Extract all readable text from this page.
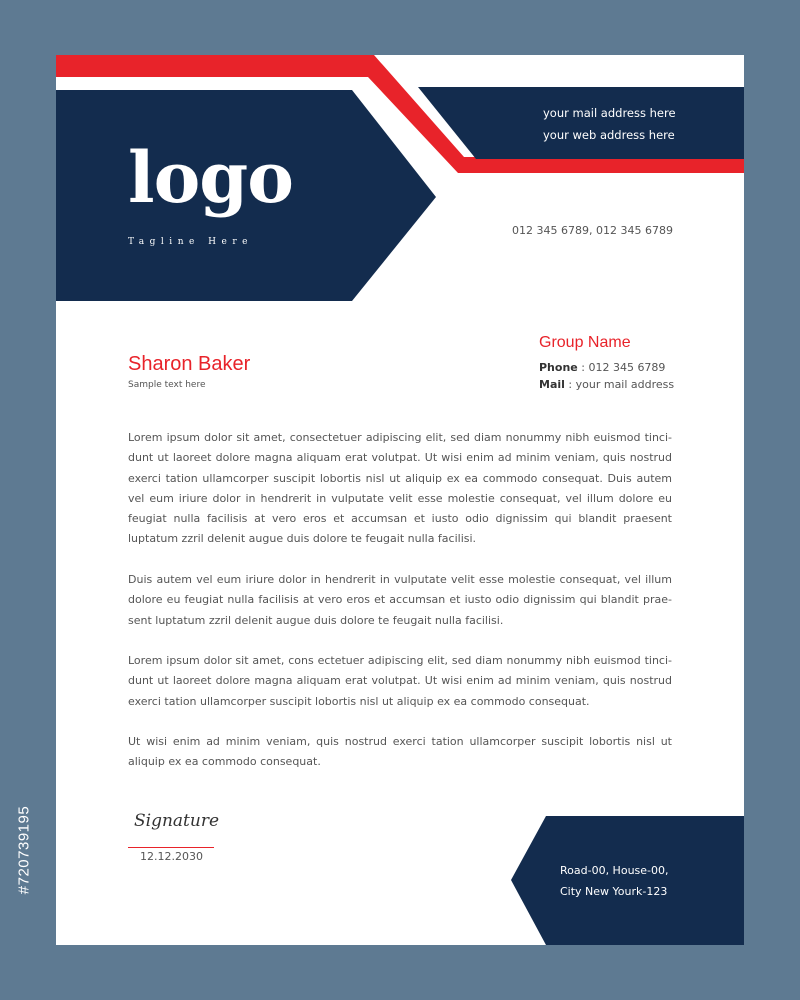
logo
Tagline Here
your mail address here
your web address here
012 345 6789, 012 345 6789
Sharon Baker
Sample text here
Group Name
Phone : 012 345 6789
Mail : your mail address

Lorem ipsum dolor sit amet, consectetuer adipiscing elit, sed diam nonummy nibh euismod tinci-dunt ut laoreet dolore magna aliquam erat volutpat. Ut wisi enim ad minim veniam, quis nostrud exerci tation ullamcorper suscipit lobortis nisl ut aliquip ex ea commodo consequat. Duis autem vel eum iriure dolor in hendrerit in vulputate velit esse molestie consequat, vel illum dolore eu feugiat nulla facilisis at vero eros et accumsan et iusto odio dignissim qui blandit praesent luptatum zzril delenit augue duis dolore te feugait nulla facilisi.

Duis autem vel eum iriure dolor in hendrerit in vulputate velit esse molestie consequat, vel illum dolore eu feugiat nulla facilisis at vero eros et accumsan et iusto odio dignissim qui blandit prae-sent luptatum zzril delenit augue duis dolore te feugait nulla facilisi.

Lorem ipsum dolor sit amet, cons ectetuer adipiscing elit, sed diam nonummy nibh euismod tinci-dunt ut laoreet dolore magna aliquam erat volutpat. Ut wisi enim ad minim veniam, quis nostrud exerci tation ullamcorper suscipit lobortis nisl ut aliquip ex ea commodo consequat.

Ut wisi enim ad minim veniam, quis nostrud exerci tation ullamcorper suscipit lobortis nisl ut aliquip ex ea commodo consequat.

Signature
12.12.2030
Road-00, House-00,
City New Yourk-123
#720739195
